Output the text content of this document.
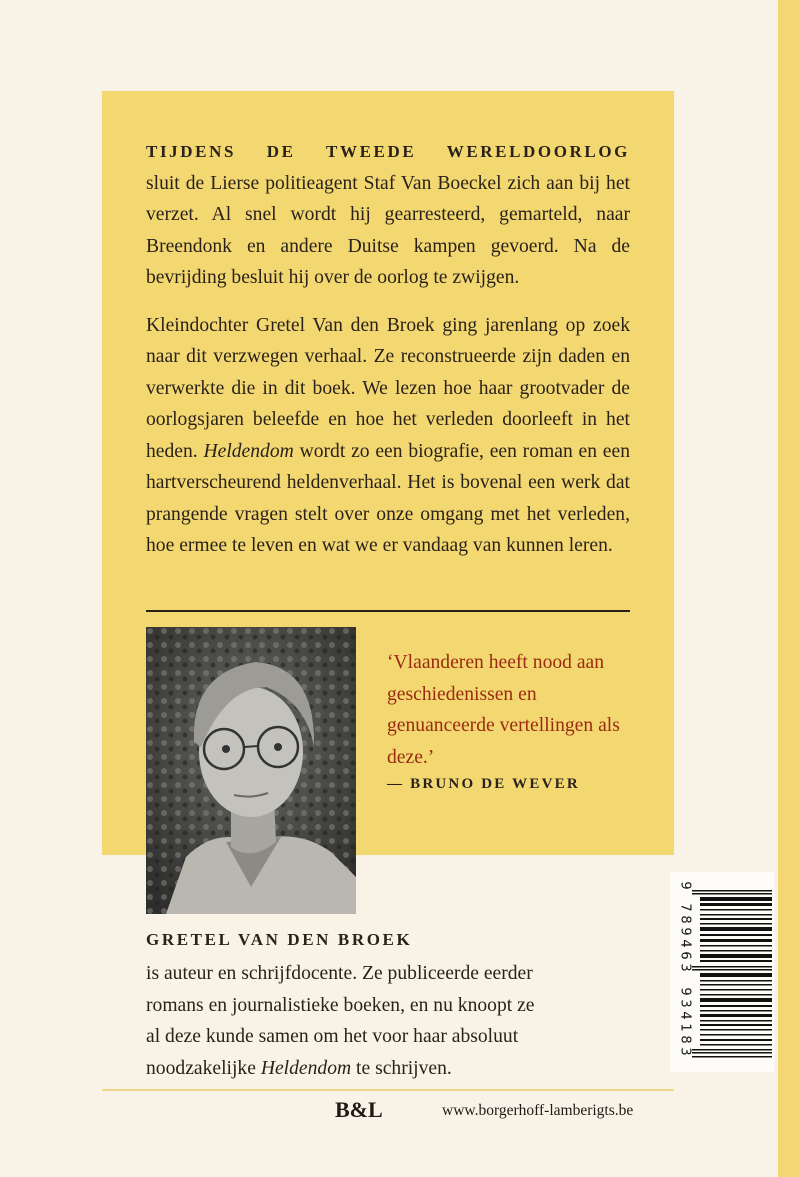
TIJDENS DE TWEEDE WERELDOORLOG
sluit de Lierse politieagent Staf Van Boeckel zich aan bij het verzet. Al snel wordt hij gearresteerd, gemarteld, naar Breendonk en andere Duitse kampen gevoerd. Na de bevrijding besluit hij over de oorlog te zwijgen.

Kleindochter Gretel Van den Broek ging jarenlang op zoek naar dit verzwegen verhaal. Ze reconstrueerde zijn daden en verwerkte die in dit boek. We lezen hoe haar grootvader de oorlogsjaren beleefde en hoe het verleden doorleeft in het heden. Heldendom wordt zo een biografie, een roman en een hartverscheurend heldenverhaal. Het is bovenal een werk dat prangende vragen stelt over onze omgang met het verleden, hoe ermee te leven en wat we er vandaag van kunnen leren.

‘Vlaanderen heeft nood aan geschiedenissen en genuanceerde vertellingen als deze.’
— BRUNO DE WEVER
GRETEL VAN DEN BROEK
is auteur en schrijfdocente. Ze publiceerde eerder romans en journalistieke boeken, en nu knoopt ze al deze kunde samen om het voor haar absoluut noodzakelijke Heldendom te schrijven.
9
7
8
9
4
6
3
9
3
4
1
8
3
B&L	www.borgerhoff-lamberigts.be
